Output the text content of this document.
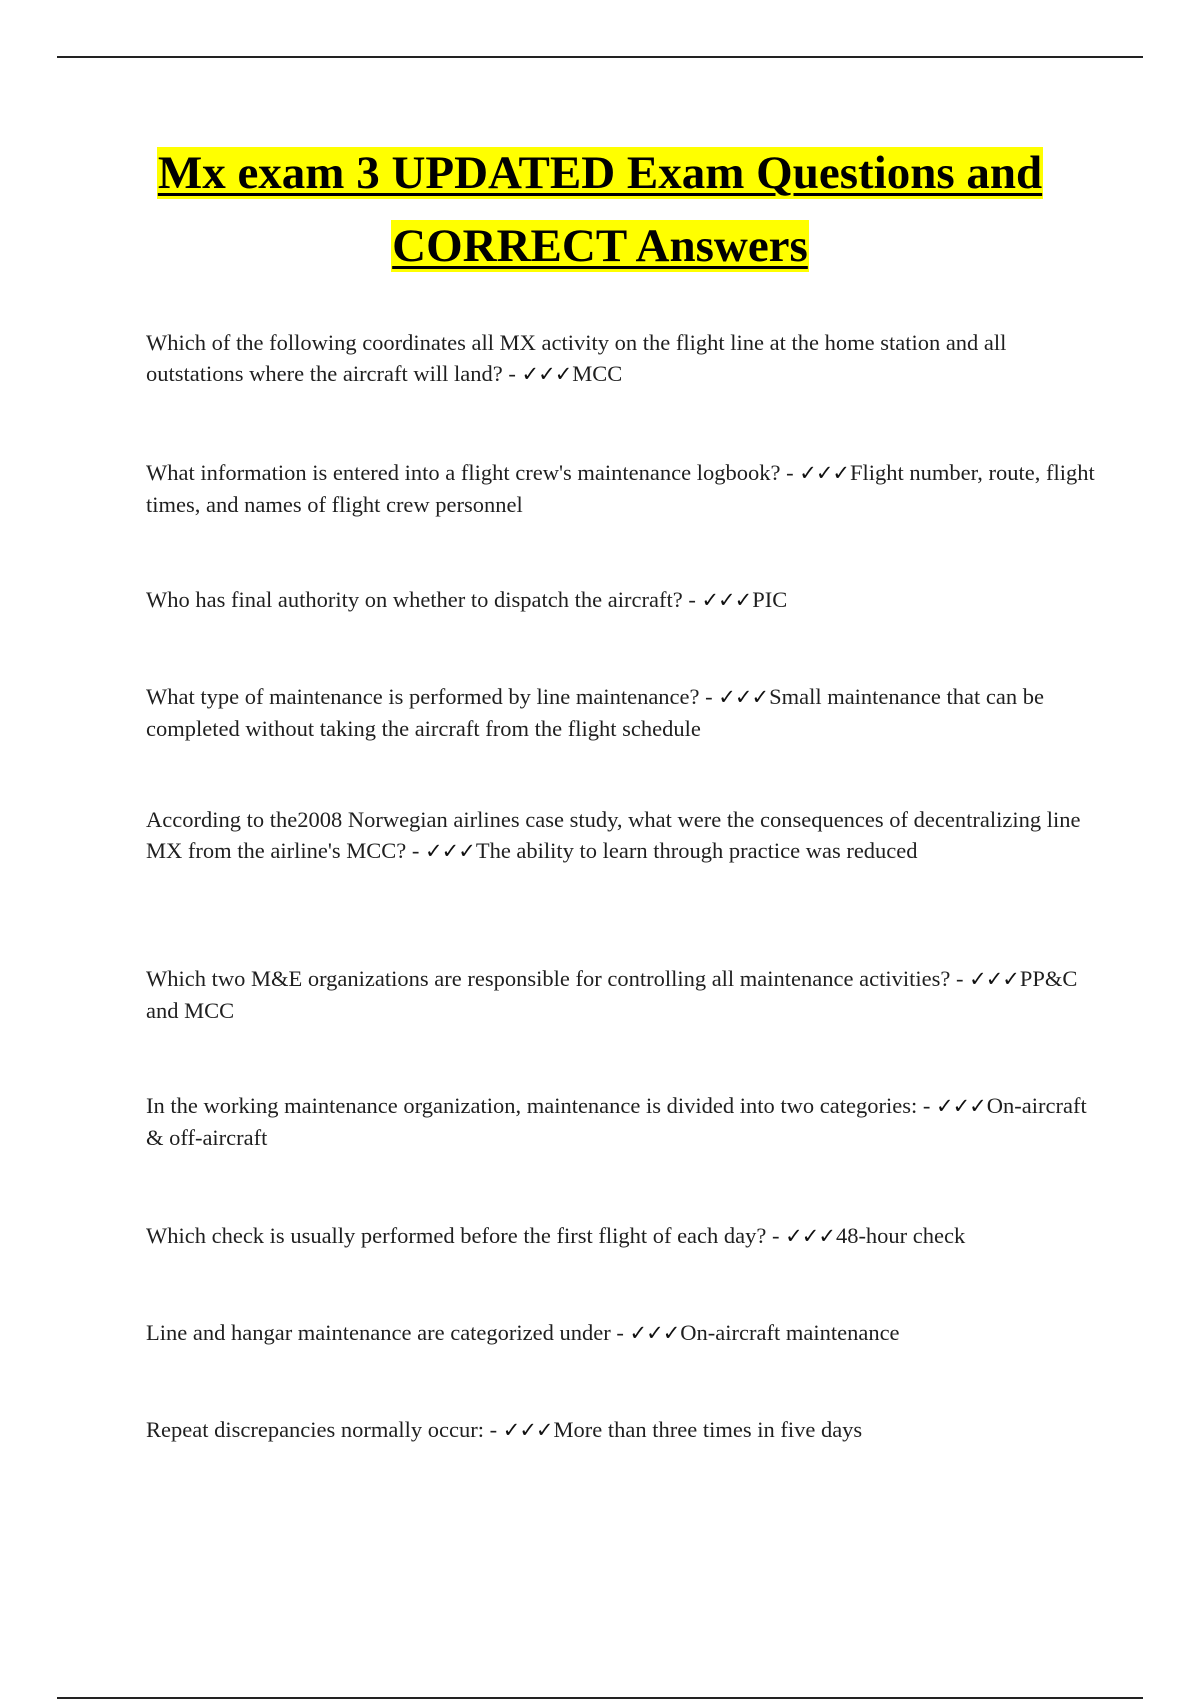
Mx exam 3 UPDATED Exam Questions and CORRECT Answers
Which of the following coordinates all MX activity on the flight line at the home station and all outstations where the aircraft will land? - ✓✓✓MCC
What information is entered into a flight crew's maintenance logbook? - ✓✓✓Flight number, route, flight times, and names of flight crew personnel
Who has final authority on whether to dispatch the aircraft? - ✓✓✓PIC
What type of maintenance is performed by line maintenance? - ✓✓✓Small maintenance that can be completed without taking the aircraft from the flight schedule
According to the2008 Norwegian airlines case study, what were the consequences of decentralizing line MX from the airline's MCC? - ✓✓✓The ability to learn through practice was reduced
Which two M&E organizations are responsible for controlling all maintenance activities? - ✓✓✓PP&C and MCC
In the working maintenance organization, maintenance is divided into two categories: - ✓✓✓On-aircraft & off-aircraft
Which check is usually performed before the first flight of each day? - ✓✓✓48-hour check
Line and hangar maintenance are categorized under - ✓✓✓On-aircraft maintenance
Repeat discrepancies normally occur: - ✓✓✓More than three times in five days
